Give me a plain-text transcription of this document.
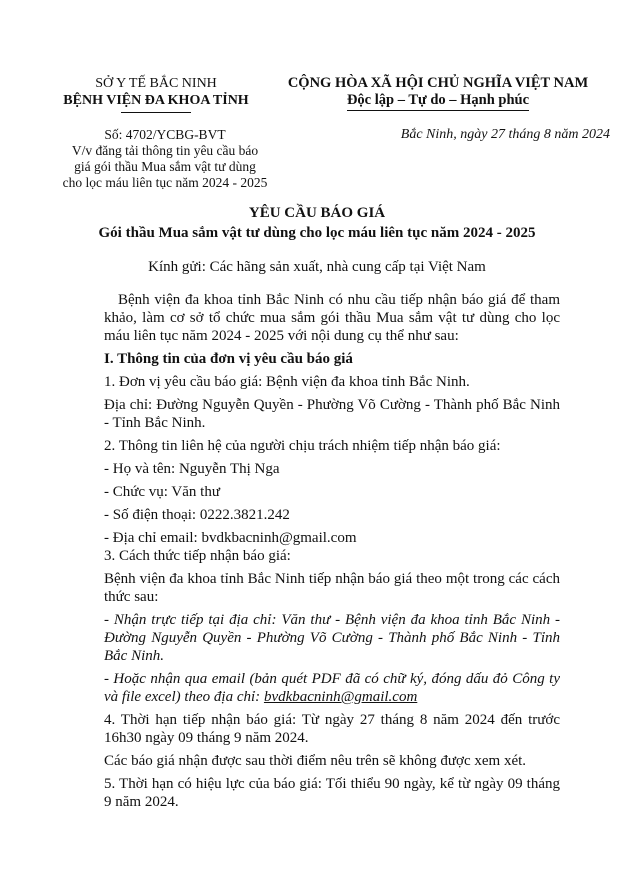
SỞ Y TẾ BẮC NINH
BỆNH VIỆN ĐA KHOA TỈNH
CỘNG HÒA XÃ HỘI CHỦ NGHĨA VIỆT NAM
Độc lập – Tự do – Hạnh phúc
Số: 4702/YCBG-BVT
V/v đăng tải thông tin yêu cầu báo
giá gói thầu Mua sắm vật tư dùng
cho lọc máu liên tục năm 2024 - 2025
Bắc Ninh, ngày 27 tháng 8 năm 2024
YÊU CẦU BÁO GIÁ
Gói thầu Mua sắm vật tư dùng cho lọc máu liên tục năm 2024 - 2025
Kính gửi: Các hãng sản xuất, nhà cung cấp tại Việt Nam

Bệnh viện đa khoa tỉnh Bắc Ninh có nhu cầu tiếp nhận báo giá để tham khảo, làm cơ sở tổ chức mua sắm gói thầu Mua sắm vật tư dùng cho lọc máu liên tục năm 2024 - 2025 với nội dung cụ thể như sau:

I. Thông tin của đơn vị yêu cầu báo giá

1. Đơn vị yêu cầu báo giá: Bệnh viện đa khoa tỉnh Bắc Ninh.

Địa chỉ: Đường Nguyễn Quyền - Phường Võ Cường - Thành phố Bắc Ninh - Tỉnh Bắc Ninh.

2. Thông tin liên hệ của người chịu trách nhiệm tiếp nhận báo giá:

- Họ và tên: Nguyễn Thị Nga

- Chức vụ: Văn thư

- Số điện thoại: 0222.3821.242

- Địa chỉ email: bvdkbacninh@gmail.com

3. Cách thức tiếp nhận báo giá:

Bệnh viện đa khoa tỉnh Bắc Ninh tiếp nhận báo giá theo một trong các cách thức sau:

- Nhận trực tiếp tại địa chỉ: Văn thư - Bệnh viện đa khoa tỉnh Bắc Ninh - Đường Nguyễn Quyền - Phường Võ Cường - Thành phố Bắc Ninh - Tỉnh Bắc Ninh.

- Hoặc nhận qua email (bản quét PDF đã có chữ ký, đóng dấu đỏ Công ty và file excel) theo địa chỉ: bvdkbacninh@gmail.com

4. Thời hạn tiếp nhận báo giá: Từ ngày 27 tháng 8 năm 2024 đến trước 16h30 ngày 09 tháng 9 năm 2024.

Các báo giá nhận được sau thời điểm nêu trên sẽ không được xem xét.

5. Thời hạn có hiệu lực của báo giá: Tối thiểu 90 ngày, kể từ ngày 09 tháng 9 năm 2024.
